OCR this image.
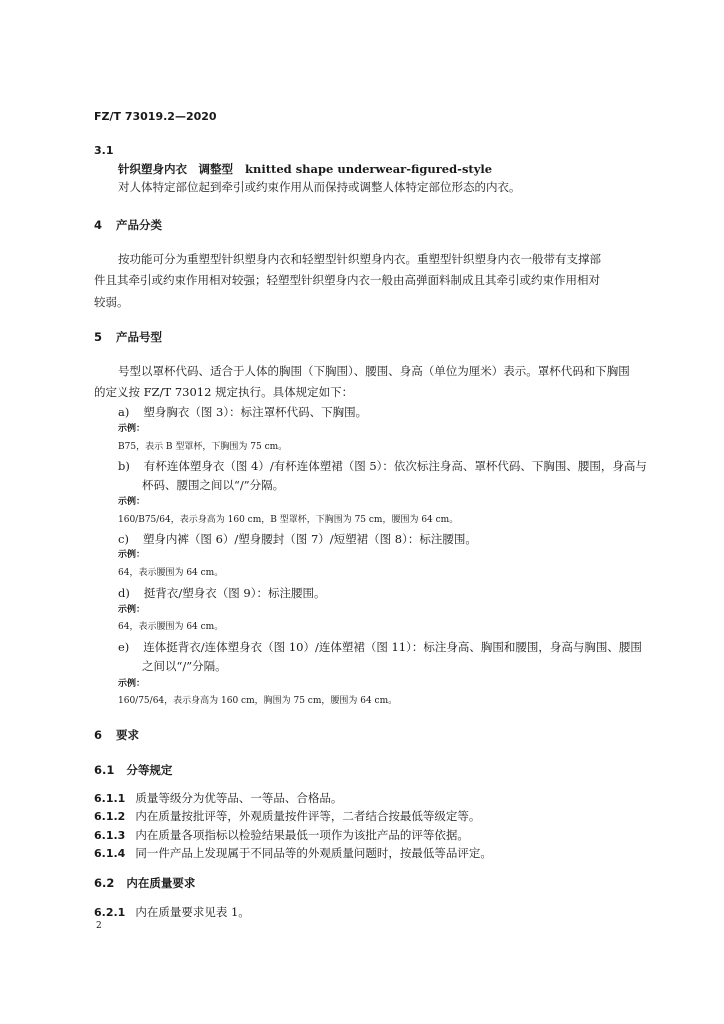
FZ/T 73019.2—2020
3.1
针织塑身内衣　调整型 knitted shape underwear-figured-style
对人体特定部位起到牵引或约束作用从而保持或调整人体特定部位形态的内衣。
4 产品分类
按功能可分为重塑型针织塑身内衣和轻塑型针织塑身内衣。重塑型针织塑身内衣一般带有支撑部
件且其牵引或约束作用相对较强；轻塑型针织塑身内衣一般由高弹面料制成且其牵引或约束作用相对
较弱。
5 产品号型
号型以罩杯代码、适合于人体的胸围（下胸围）、腰围、身高（单位为厘米）表示。罩杯代码和下胸围
的定义按 FZ/T 73012 规定执行。具体规定如下：
a) 塑身胸衣（图 3）：标注罩杯代码、下胸围。
示例：
B75，表示 B 型罩杯，下胸围为 75 cm。
b) 有杯连体塑身衣（图 4）/有杯连体塑裙（图 5）：依次标注身高、罩杯代码、下胸围、腰围，身高与
杯码、腰围之间以“/”分隔。
示例：
160/B75/64，表示身高为 160 cm，B 型罩杯，下胸围为 75 cm，腰围为 64 cm。
c) 塑身内裤（图 6）/塑身腰封（图 7）/短塑裙（图 8）：标注腰围。
示例：
64，表示腰围为 64 cm。
d) 挺背衣/塑身衣（图 9）：标注腰围。
示例：
64，表示腰围为 64 cm。
e) 连体挺背衣/连体塑身衣（图 10）/连体塑裙（图 11）：标注身高、胸围和腰围，身高与胸围、腰围
之间以“/”分隔。
示例：
160/75/64，表示身高为 160 cm，胸围为 75 cm，腰围为 64 cm。
6 要求
6.1 分等规定
6.1.1 质量等级分为优等品、一等品、合格品。
6.1.2 内在质量按批评等，外观质量按件评等，二者结合按最低等级定等。
6.1.3 内在质量各项指标以检验结果最低一项作为该批产品的评等依据。
6.1.4 同一件产品上发现属于不同品等的外观质量问题时，按最低等品评定。
6.2 内在质量要求
6.2.1 内在质量要求见表 1。
2
